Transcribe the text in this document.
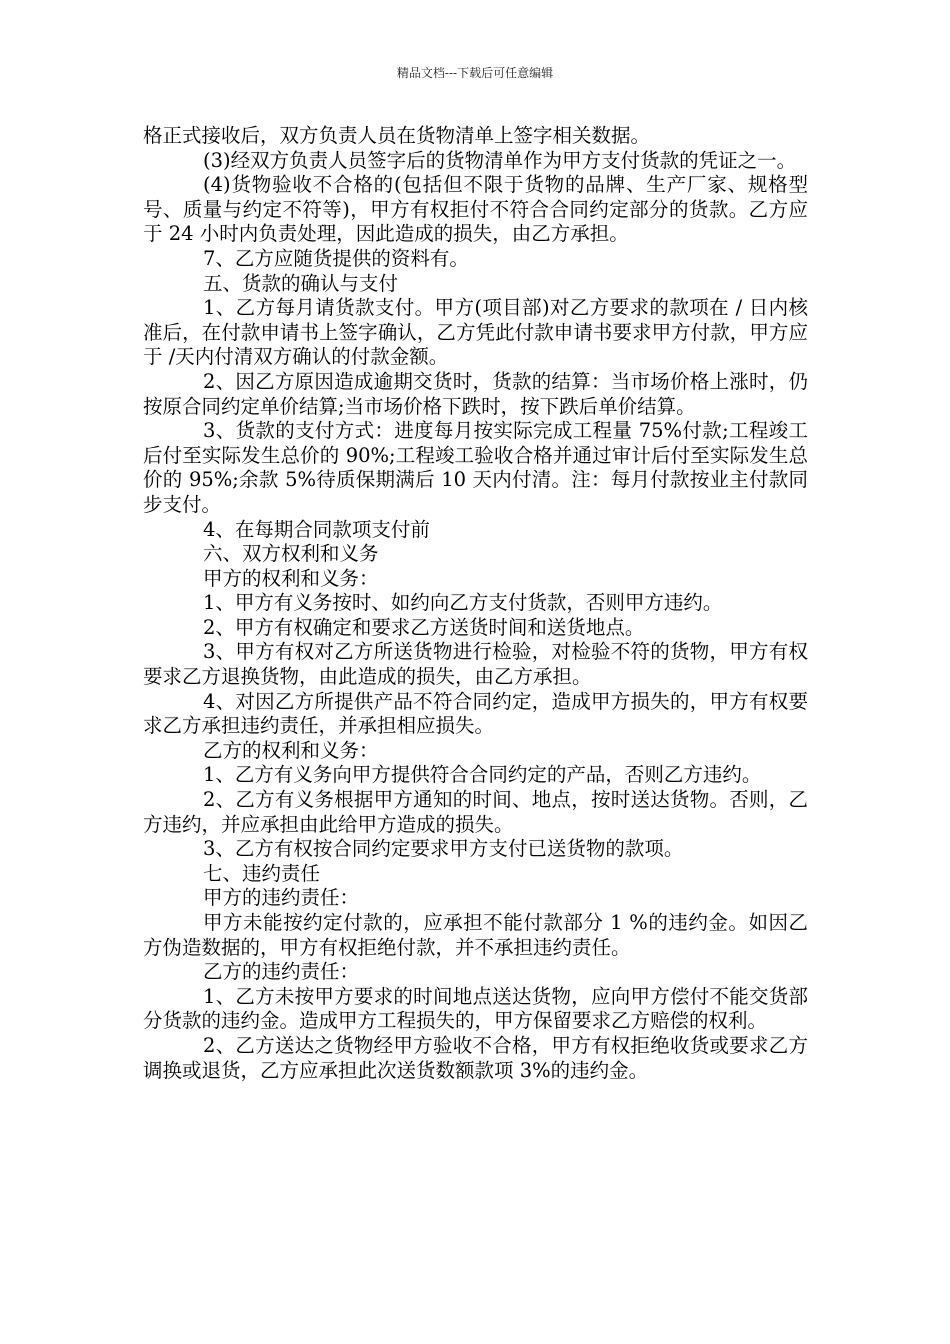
精品文档---下载后可任意编辑

格正式接收后，双方负责人员在货物清单上签字相关数据。

(3)经双方负责人员签字后的货物清单作为甲方支付货款的凭证之一。

(4)货物验收不合格的(包括但不限于货物的品牌、生产厂家、规格型号、质量与约定不符等)，甲方有权拒付不符合合同约定部分的货款。乙方应于 24 小时内负责处理，因此造成的损失，由乙方承担。

7、乙方应随货提供的资料有。

五、货款的确认与支付

1、乙方每月请货款支付。甲方(项目部)对乙方要求的款项在 / 日内核准后，在付款申请书上签字确认，乙方凭此付款申请书要求甲方付款，甲方应于 /天内付清双方确认的付款金额。

2、因乙方原因造成逾期交货时，货款的结算：当市场价格上涨时，仍按原合同约定单价结算;当市场价格下跌时，按下跌后单价结算。

3、货款的支付方式：进度每月按实际完成工程量 75%付款;工程竣工后付至实际发生总价的 90%;工程竣工验收合格并通过审计后付至实际发生总价的 95%;余款 5%待质保期满后 10 天内付清。注：每月付款按业主付款同步支付。

4、在每期合同款项支付前

六、双方权利和义务

甲方的权利和义务：

1、甲方有义务按时、如约向乙方支付货款，否则甲方违约。

2、甲方有权确定和要求乙方送货时间和送货地点。

3、甲方有权对乙方所送货物进行检验，对检验不符的货物，甲方有权要求乙方退换货物，由此造成的损失，由乙方承担。

4、对因乙方所提供产品不符合同约定，造成甲方损失的，甲方有权要求乙方承担违约责任，并承担相应损失。

乙方的权利和义务：

1、乙方有义务向甲方提供符合合同约定的产品，否则乙方违约。

2、乙方有义务根据甲方通知的时间、地点，按时送达货物。否则，乙方违约，并应承担由此给甲方造成的损失。

3、乙方有权按合同约定要求甲方支付已送货物的款项。

七、违约责任

甲方的违约责任：

甲方未能按约定付款的，应承担不能付款部分 1 %的违约金。如因乙方伪造数据的，甲方有权拒绝付款，并不承担违约责任。

乙方的违约责任：

1、乙方未按甲方要求的时间地点送达货物，应向甲方偿付不能交货部分货款的违约金。造成甲方工程损失的，甲方保留要求乙方赔偿的权利。

2、乙方送达之货物经甲方验收不合格，甲方有权拒绝收货或要求乙方调换或退货，乙方应承担此次送货数额款项 3%的违约金。
